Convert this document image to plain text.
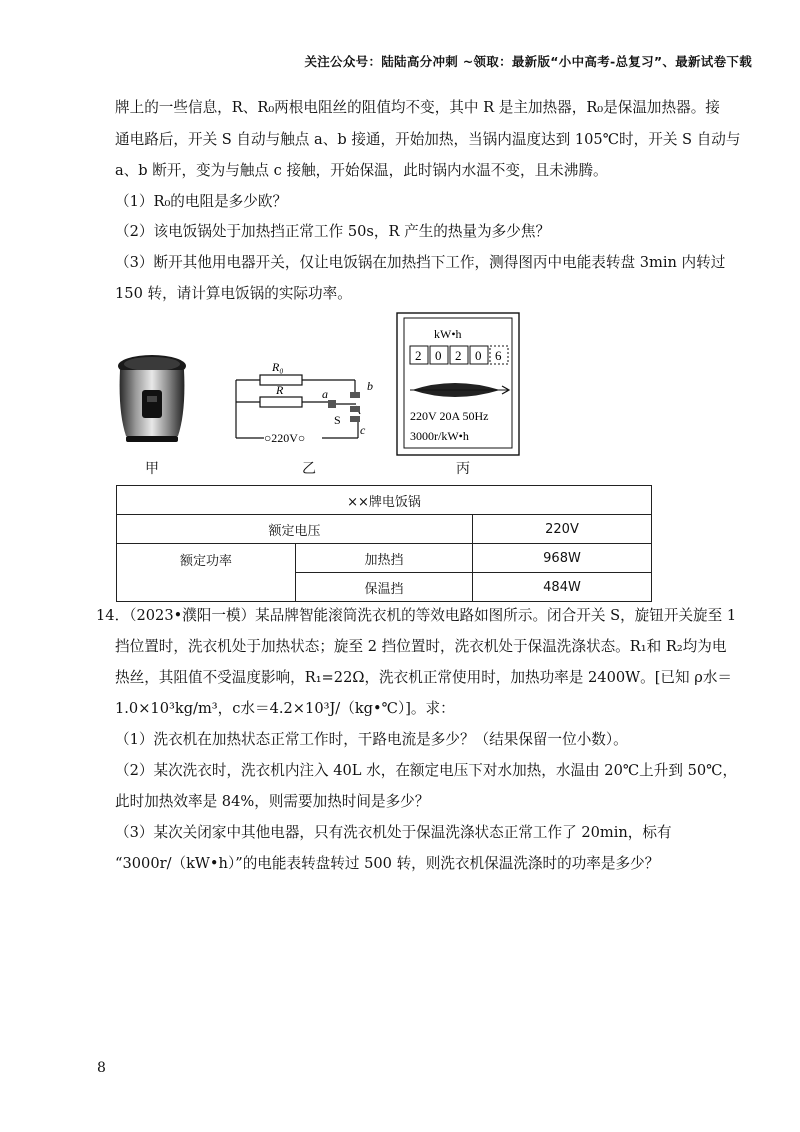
关注公众号：陆陆高分冲刺 ~领取：最新版“小中高考-总复习”、最新试卷下载
牌上的一些信息，R、R₀两根电阻丝的阻值均不变，其中 R 是主加热器，R₀是保温加热器。接
通电路后，开关 S 自动与触点 a、b 接通，开始加热，当锅内温度达到 105℃时，开关 S 自动与
a、b 断开，变为与触点 c 接触，开始保温，此时锅内水温不变，且未沸腾。
（1）R₀的电阻是多少欧？
（2）该电饭锅处于加热挡正常工作 50s，R 产生的热量为多少焦？
（3）断开其他用电器开关，仅让电饭锅在加热挡下工作，测得图丙中电能表转盘 3min 内转过
150 转，请计算电饭锅的实际功率。
甲
R₀
R	a
b
c
S
○220V○
乙
kW•h
2 0 2 0 6
220V 20A 50Hz
3000r/kW•h
丙
××牌电饭锅		
额定电压		220V
额定功率	加热挡	968W
	保温挡	484W
14．（2023•濮阳一模）某品牌智能滚筒洗衣机的等效电路如图所示。闭合开关 S，旋钮开关旋至 1
挡位置时，洗衣机处于加热状态；旋至 2 挡位置时，洗衣机处于保温洗涤状态。R₁和 R₂均为电
热丝，其阻值不受温度影响，R₁=22Ω，洗衣机正常使用时，加热功率是 2400W。[已知 ρ水＝
1.0×10³kg/m³，c水＝4.2×10³J/（kg•℃）]。求：
（1）洗衣机在加热状态正常工作时，干路电流是多少？（结果保留一位小数）。
（2）某次洗衣时，洗衣机内注入 40L 水，在额定电压下对水加热，水温由 20℃上升到 50℃，
此时加热效率是 84%，则需要加热时间是多少？
（3）某次关闭家中其他电器，只有洗衣机处于保温洗涤状态正常工作了 20min，标有
“3000r/（kW•h）”的电能表转盘转过 500 转，则洗衣机保温洗涤时的功率是多少？
8
